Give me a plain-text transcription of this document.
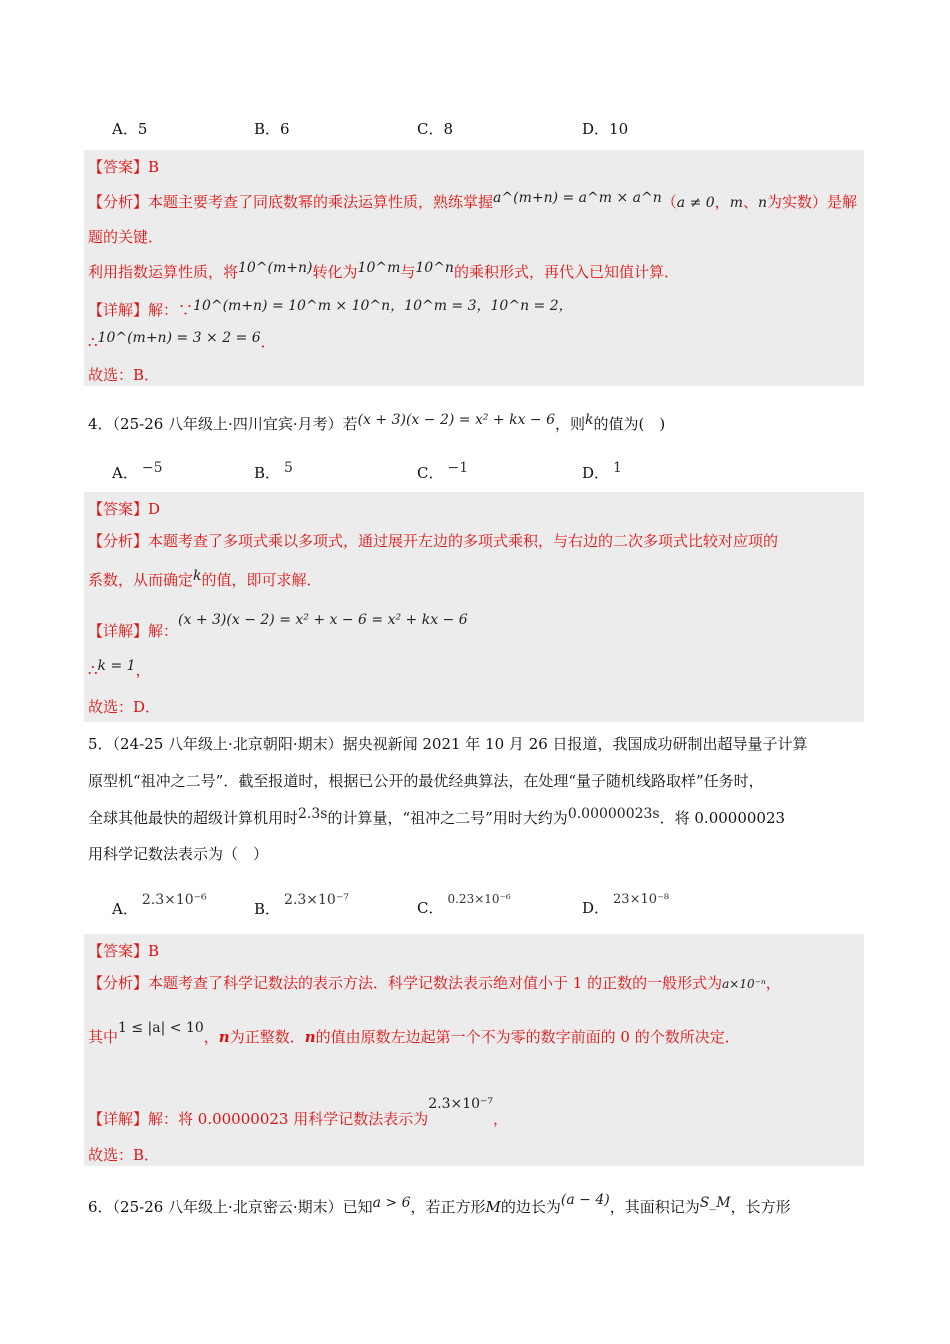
A．5	B．6	C．8	D．10
【答案】B
【分析】本题主要考查了同底数幂的乘法运算性质，熟练掌握a^(m+n) = a^m × a^n（a ≠ 0，m、n为实数）是解
题的关键．
利用指数运算性质，将10^(m+n)转化为10^m与10^n的乘积形式，再代入已知值计算．
【详解】解：∵10^(m+n) = 10^m × 10^n，10^m = 3，10^n = 2，
∴10^(m+n) = 3 × 2 = 6．
故选：B．
4．（25-26 八年级上·四川宜宾·月考）若(x + 3)(x − 2) = x² + kx − 6，则k的值为(　)
A． −5	B． 5	C． −1	D． 1
【答案】D
【分析】本题考查了多项式乘以多项式，通过展开左边的多项式乘积，与右边的二次多项式比较对应项的
系数，从而确定k的值，即可求解．
【详解】解：(x + 3)(x − 2) = x² + x − 6 = x² + kx − 6
∴k = 1，
故选：D．
5．（24-25 八年级上·北京朝阳·期末）据央视新闻 2021 年 10 月 26 日报道，我国成功研制出超导量子计算
原型机“祖冲之二号”．截至报道时，根据已公开的最优经典算法，在处理“量子随机线路取样”任务时，
全球其他最快的超级计算机用时2.3s的计算量，“祖冲之二号”用时大约为0.00000023s．将 0.00000023
用科学记数法表示为（　）
A． 2.3×10⁻⁶	B． 2.3×10⁻⁷	C． $^{0.23\times 10^{-6}}$	D． 23×10⁻⁸
【答案】B
【分析】本题考查了科学记数法的表示方法．科学记数法表示绝对值小于 1 的正数的一般形式为a×10⁻ⁿ，
其中1 ≤ |a| < 10，n为正整数．n的值由原数左边起第一个不为零的数字前面的 0 的个数所决定．
【详解】解：将 0.00000023 用科学记数法表示为2.3×10⁻⁷，
故选：B．
6．（25-26 八年级上·北京密云·期末）已知a > 6，若正方形M的边长为(a − 4)，其面积记为S_M，长方形
